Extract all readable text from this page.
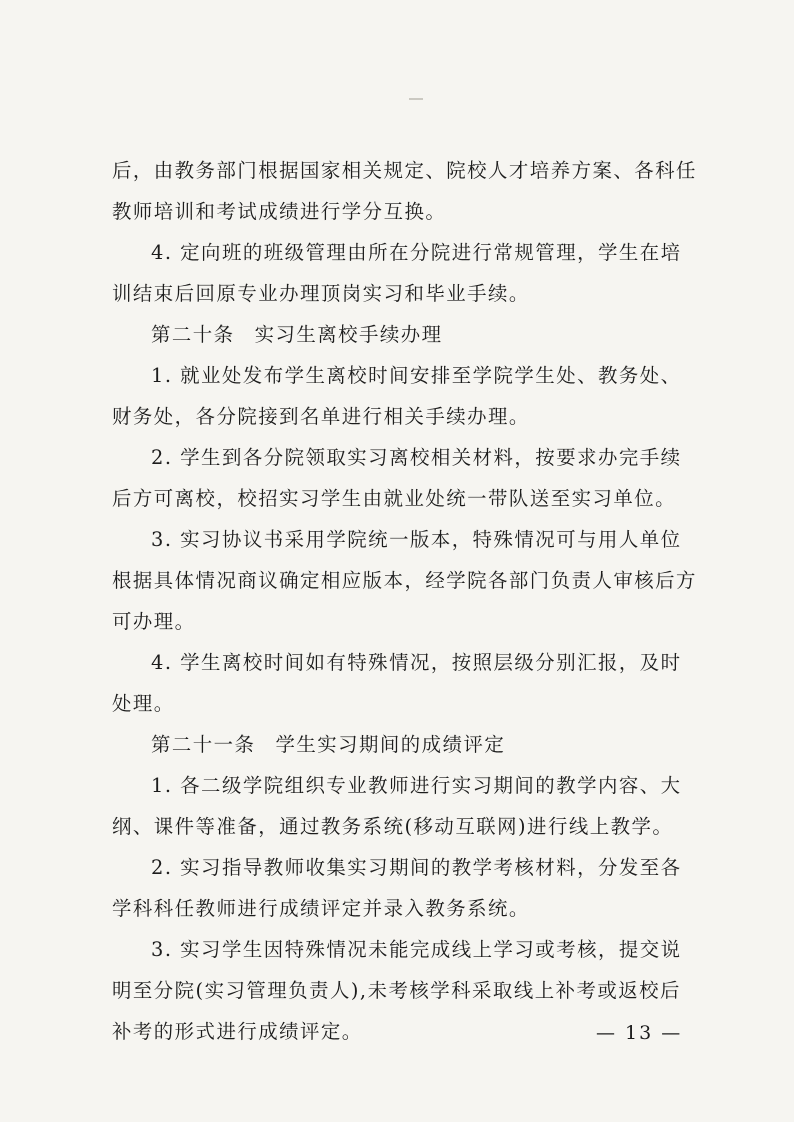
后，由教务部门根据国家相关规定、院校人才培养方案、各科任
教师培训和考试成绩进行学分互换。

4. 定向班的班级管理由所在分院进行常规管理，学生在培
训结束后回原专业办理顶岗实习和毕业手续。

第二十条 实习生离校手续办理

1. 就业处发布学生离校时间安排至学院学生处、教务处、
财务处，各分院接到名单进行相关手续办理。

2. 学生到各分院领取实习离校相关材料，按要求办完手续
后方可离校，校招实习学生由就业处统一带队送至实习单位。

3. 实习协议书采用学院统一版本，特殊情况可与用人单位
根据具体情况商议确定相应版本，经学院各部门负责人审核后方
可办理。

4. 学生离校时间如有特殊情况，按照层级分别汇报，及时
处理。

第二十一条 学生实习期间的成绩评定

1. 各二级学院组织专业教师进行实习期间的教学内容、大
纲、课件等准备，通过教务系统(移动互联网)进行线上教学。

2. 实习指导教师收集实习期间的教学考核材料，分发至各
学科科任教师进行成绩评定并录入教务系统。

3. 实习学生因特殊情况未能完成线上学习或考核，提交说
明至分院(实习管理负责人),未考核学科采取线上补考或返校后
补考的形式进行成绩评定。	— 13 —
